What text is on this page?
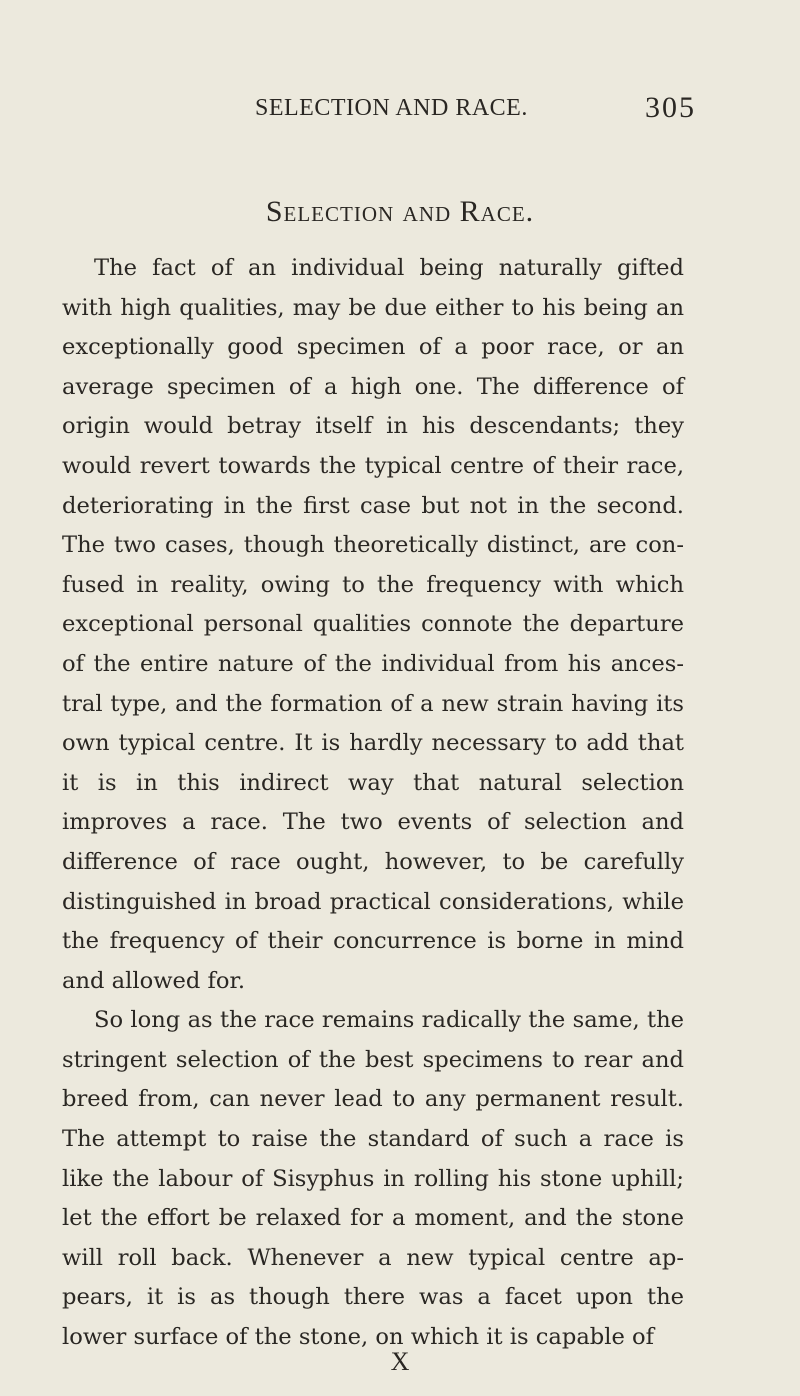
SELECTION AND RACE.	305
Selection and Race.

The fact of an individual being naturally gifted with high qualities, may be due either to his being an exceptionally good specimen of a poor race, or an average specimen of a high one. The difference of origin would betray itself in his descendants; they would revert towards the typical centre of their race, deteriorating in the first case but not in the second. The two cases, though theoretically distinct, are con-fused in reality, owing to the frequency with which exceptional personal qualities connote the departure of the entire nature of the individual from his ances-tral type, and the formation of a new strain having its own typical centre. It is hardly necessary to add that it is in this indirect way that natural selection improves a race. The two events of selection and difference of race ought, however, to be carefully distinguished in broad practical considerations, while the frequency of their concurrence is borne in mind and allowed for.

So long as the race remains radically the same, the stringent selection of the best specimens to rear and breed from, can never lead to any permanent result. The attempt to raise the standard of such a race is like the labour of Sisyphus in rolling his stone uphill; let the effort be relaxed for a moment, and the stone will roll back. Whenever a new typical centre ap-pears, it is as though there was a facet upon the lower surface of the stone, on which it is capable of

X
